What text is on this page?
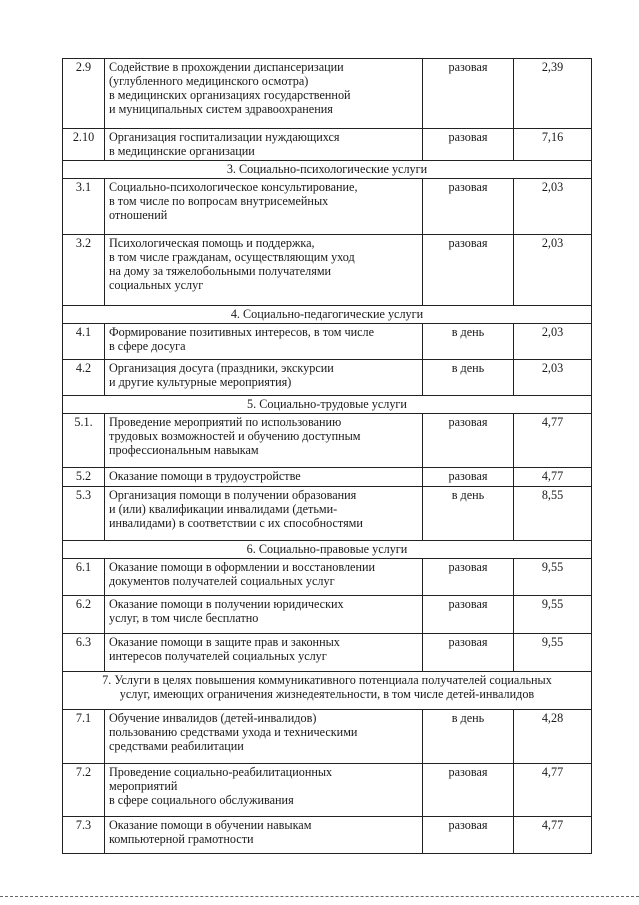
2.9	Содействие в прохождении диспансеризации
(углубленного медицинского осмотра)
в медицинских организациях государственной
и муниципальных систем здравоохранения	разовая	2,39
2.10	Организация госпитализации нуждающихся
в медицинские организации	разовая	7,16

3. Социально-психологические услуги			

3.1	Социально-психологическое консультирование,
в том числе по вопросам внутрисемейных
отношений	разовая	2,03
3.2	Психологическая помощь и поддержка,
в том числе гражданам, осуществляющим уход
на дому за тяжелобольными получателями
социальных услуг	разовая	2,03

4. Социально-педагогические услуги			

4.1	Формирование позитивных интересов, в том числе
в сфере досуга	в день	2,03
4.2	Организация досуга (праздники, экскурсии
и другие культурные мероприятия)	в день	2,03

5. Социально-трудовые услуги			

5.1.	Проведение мероприятий по использованию
трудовых возможностей и обучению доступным
профессиональным навыкам	разовая	4,77
5.2	Оказание помощи в трудоустройстве	разовая	4,77
5.3	Организация помощи в получении образования
и (или) квалификации инвалидами (детьми-
инвалидами) в соответствии с их способностями	в день	8,55

6. Социально-правовые услуги			

6.1	Оказание помощи в оформлении и восстановлении
документов получателей социальных услуг	разовая	9,55
6.2	Оказание помощи в получении юридических
услуг, в том числе бесплатно	разовая	9,55
6.3	Оказание помощи в защите прав и законных
интересов получателей социальных услуг	разовая	9,55

7. Услуги в целях повышения коммуникативного потенциала получателей социальных
услуг, имеющих ограничения жизнедеятельности, в том числе детей-инвалидов			

7.1	Обучение инвалидов (детей-инвалидов)
пользованию средствами ухода и техническими
средствами реабилитации	в день	4,28
7.2	Проведение социально-реабилитационных
мероприятий
в сфере социального обслуживания	разовая	4,77
7.3	Оказание помощи в обучении навыкам
компьютерной грамотности	разовая	4,77
